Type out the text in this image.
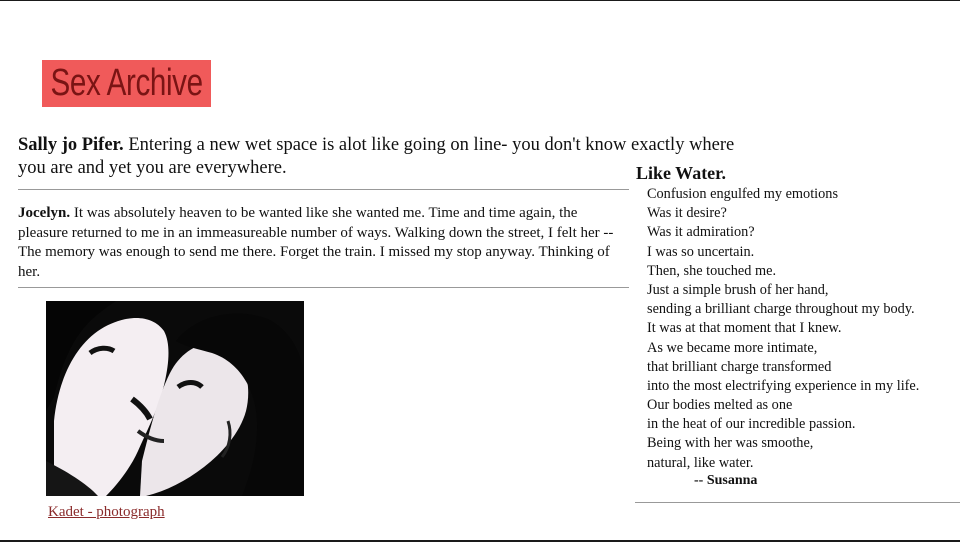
Sex Archive
Sally jo Pifer. Entering a new wet space is alot like going on line- you don't know exactly where you are and yet you are everywhere.
Jocelyn. It was absolutely heaven to be wanted like she wanted me. Time and time again, the pleasure returned to me in an immeasureable number of ways. Walking down the street, I felt her -- The memory was enough to send me there. Forget the train. I missed my stop anyway. Thinking of her.
Kadet - photograph
Like Water.
Confusion engulfed my emotions
Was it desire?
Was it admiration?
I was so uncertain.
Then, she touched me.
Just a simple brush of her hand,
sending a brilliant charge throughout my body.
It was at that moment that I knew.
As we became more intimate,
that brilliant charge transformed
into the most electrifying experience in my life.
Our bodies melted as one
in the heat of our incredible passion.
Being with her was smoothe,
natural, like water.
-- Susanna
